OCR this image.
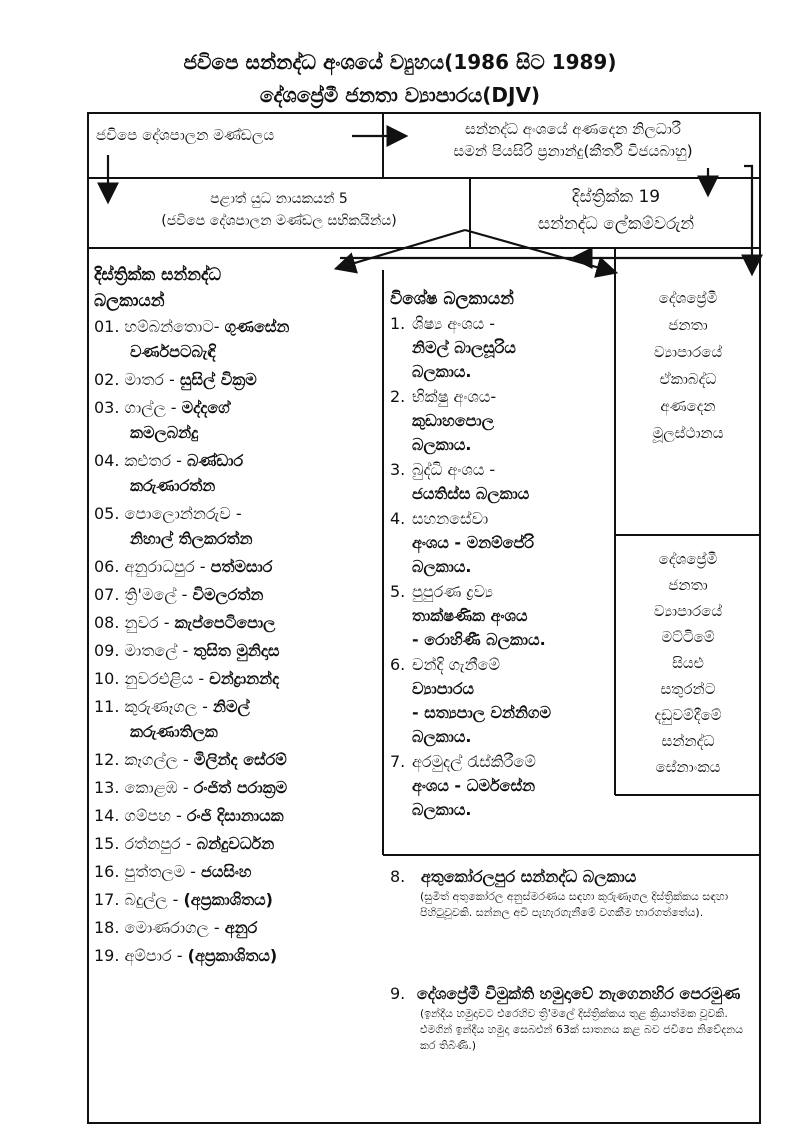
ජවිපෙ සන්නද්ධ අංශයේ ව්‍යුහය(1986 සිට 1989)
දේශප්‍රේමී ජනතා ව්‍යාපාරය(DJV)
ජවිපෙ දේශපාලන මණ්ඩලය	සන්නද්ධ අංශයේ අණදෙන නිලධාරී
සමන් පියසිරි ප්‍රනාන්දු(කීර්ති විජයබාහු)
පළාත් යුධ නායකයන් 5
(ජවිපෙ දේශපාලන මණ්ඩල සභිකයින්ය)
දිස්ත්‍රික්ක 19
සන්නද්ධ ලේකම්වරුන්
දිස්ත්‍රික්ක සන්නද්ධ
බලකායන්
01. හම්බන්තොට- ගුණසේන
වර්ණපටබැඳි
02. මාතර - සුසිල් වික්‍රම
03. ගාල්ල - මද්දගේ
කමලබන්දු
04. කළුතර - බණ්ඩාර
කරුණාරත්න
05. පොලොන්නරුව -
නිහාල් තිලකරත්න
06. අනුරාධපුර - පත්මසාර
07. ත්‍රි'මලේ - විමලරත්න
08. නුවර - කැප්පෙටිපොල
09. මාතලේ - තුසිත මුනිදාස
10. නුවරඑළිය - චන්ද්‍රානන්ද
11. කුරුණෑගල - නිමල්
කරුණාතිලක
12. කෑගල්ල - මිලින්ද සේරම්
13. කොළඹ - රංජිත් පරාක්‍රම
14. ගම්පහ - රංජි දිසානායක
15. රත්නපුර - බන්දුවර්ධන
16. පුත්තලම - ජයසිංහ
17. බදුල්ල - (අප්‍රකාශිතය)
18. මොණරාගල - අනුර
19. අම්පාර - (අප්‍රකාශිතය)
විශේෂ බලකායන්
1. ශිෂ්‍ය අංශය -
නිමල් බාලසූරිය
බලකාය.
2. භික්ෂු අංශය-
කුඩාහපොල
බලකාය.
3. බුද්ධි අංශය -
ජයතිස්ස බලකාය
4. සහනසේවා
අංශය - මනම්පේරි
බලකාය.
5. පුපුරණ ද්‍රව්‍ය
තාක්ෂණික අංශය
- රොහිණී බලකාය.
6. චන්දි ගැනීමේ
ව්‍යාපාරය
- සත්‍යපාල වන්නිගම බලකාය.
7. අරමුදල් රැස්කිරීමේ
අංශය - ධර්මසේන
බලකාය.
8. අතුකෝරලපුර සන්නද්ධ බලකාය
(සුමිත් අතුකෝරල අනුස්මරණය සඳහා කුරුණෑගල දිස්ත්‍රික්කය සඳහා පිහිටුවූවකි. සන්නල අවි පැහැරගැනීමේ වගකීම භාරගත්තේය).
9. දේශප්‍රේමී විමුක්ති හමුදාවේ නැගෙනහිර පෙරමුණ
(ඉන්දීය හමුදාවට එරෙහිව ත්‍රි'මලේ දිස්ත්‍රික්කය තුළ ක්‍රියාත්මක වූවකි. එමගින් ඉන්දීය හමුදා සෙබළුන් 63ක් ඝාතනය කළ බව ජවිපෙ නිවේදනය කර තිබිණි.)
දේශප්‍රේමී
ජනතා
ව්‍යාපාරයේ
ඒකාබද්ධ
අණදෙන
මූලස්ථානය
දේශප්‍රේමී
ජනතා
ව්‍යාපාරයේ
මට්ටිමේ
සියළු
සතුරන්ට
දඩුවම්දීමේ
සන්නද්ධ
සේනාංකය
